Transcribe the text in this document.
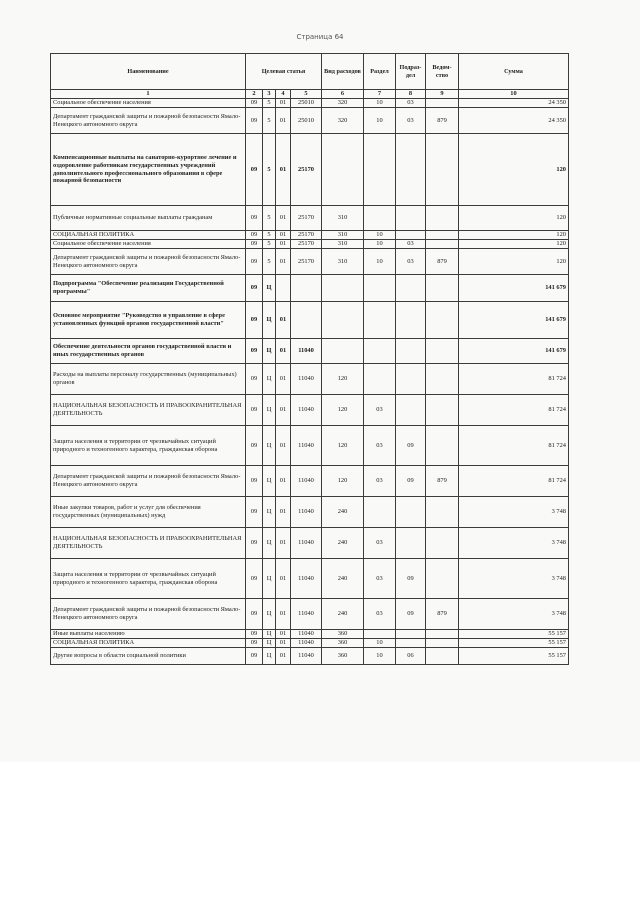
Страница 64
Наименование	Целевая статья				Вид расходов	Раздел	Подраз-дел	Ведом-ство	Сумма
1	2	3	4	5	6	7	8	9	10
Социальное обеспечение населения	09	5	01	25010	320	10	03		24 350
Департамент гражданской защиты и пожарной безопасности Ямало-Ненецкого автономного округа	09	5	01	25010	320	10	03	879	24 350
Компенсационные выплаты на санаторно-курортное лечение и оздоровление работникам государственных учреждений дополнительного профессионального образования в сфере пожарной безопасности	09	5	01	25170					120
Публичные нормативные социальные выплаты гражданам	09	5	01	25170	310				120
СОЦИАЛЬНАЯ ПОЛИТИКА	09	5	01	25170	310	10			120
Социальное обеспечение населения	09	5	01	25170	310	10	03		120
Департамент гражданской защиты и пожарной безопасности Ямало-Ненецкого автономного округа	09	5	01	25170	310	10	03	879	120
Подпрограмма "Обеспечение реализации Государственной программы"	09	Ц							141 679
Основное мероприятие "Руководство и управление в сфере установленных функций органов государственной власти"	09	Ц	01						141 679
Обеспечение деятельности органов государственной власти и иных государственных органов	09	Ц	01	11040					141 679
Расходы на выплаты персоналу государственных (муниципальных) органов	09	Ц	01	11040	120				81 724
НАЦИОНАЛЬНАЯ БЕЗОПАСНОСТЬ И ПРАВООХРАНИТЕЛЬНАЯ ДЕЯТЕЛЬНОСТЬ	09	Ц	01	11040	120	03			81 724
Защита населения и территории от чрезвычайных ситуаций природного и техногенного характера, гражданская оборона	09	Ц	01	11040	120	03	09		81 724
Департамент гражданской защиты и пожарной безопасности Ямало-Ненецкого автономного округа	09	Ц	01	11040	120	03	09	879	81 724
Иные закупки товаров, работ и услуг для обеспечения государственных (муниципальных) нужд	09	Ц	01	11040	240				3 748
НАЦИОНАЛЬНАЯ БЕЗОПАСНОСТЬ И ПРАВООХРАНИТЕЛЬНАЯ ДЕЯТЕЛЬНОСТЬ	09	Ц	01	11040	240	03			3 748
Защита населения и территории от чрезвычайных ситуаций природного и техногенного характера, гражданская оборона	09	Ц	01	11040	240	03	09		3 748
Департамент гражданской защиты и пожарной безопасности Ямало-Ненецкого автономного округа	09	Ц	01	11040	240	03	09	879	3 748
Иные выплаты населению	09	Ц	01	11040	360				55 157
СОЦИАЛЬНАЯ ПОЛИТИКА	09	Ц	01	11040	360	10			55 157
Другие вопросы в области социальной политики	09	Ц	01	11040	360	10	06		55 157
